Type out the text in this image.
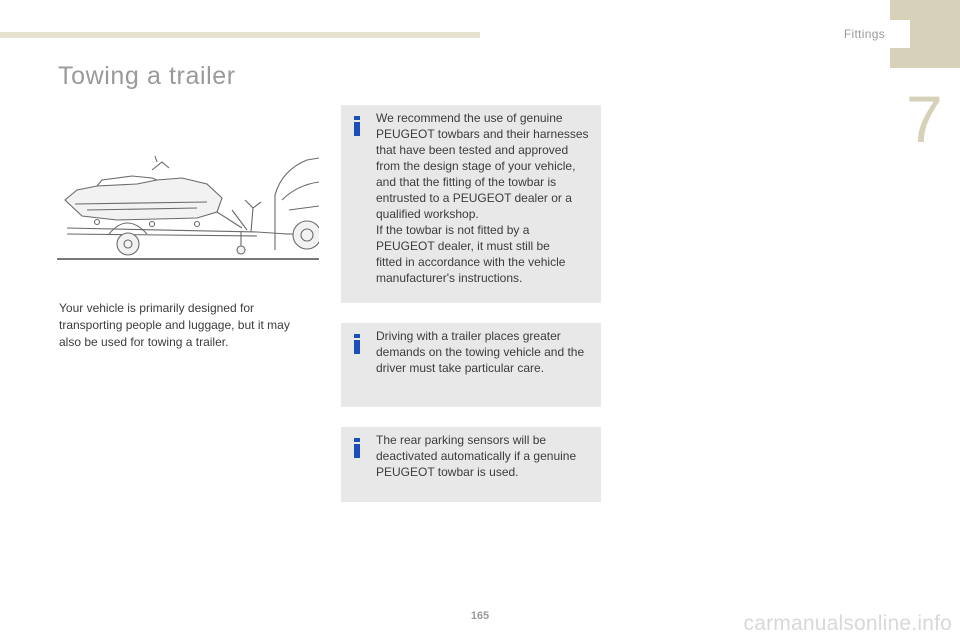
Fittings
7
Towing a trailer

Your vehicle is primarily designed for transporting people and luggage, but it may also be used for towing a trailer.

We recommend the use of genuine
PEUGEOT towbars and their harnesses
that have been tested and approved
from the design stage of your vehicle,
and that the fitting of the towbar is
entrusted to a PEUGEOT dealer or a
qualified workshop.
If the towbar is not fitted by a
PEUGEOT dealer, it must still be
fitted in accordance with the vehicle
manufacturer's instructions.

Driving with a trailer places greater
demands on the towing vehicle and the
driver must take particular care.

The rear parking sensors will be
deactivated automatically if a genuine
PEUGEOT towbar is used.

165	carmanualsonline.info
